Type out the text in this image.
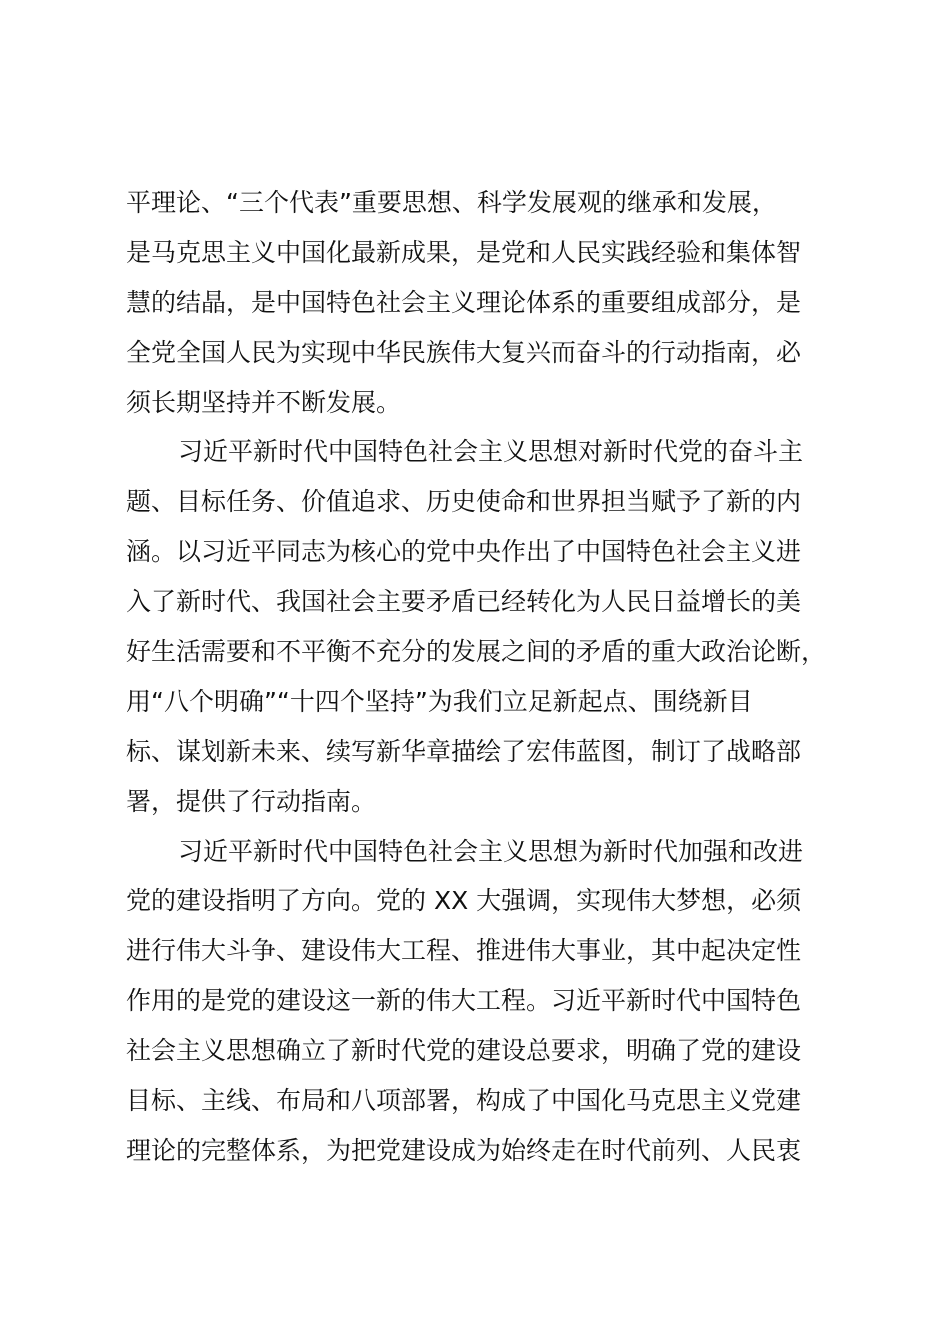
平理论、“三个代表”重要思想、科学发展观的继承和发展，
是马克思主义中国化最新成果，是党和人民实践经验和集体智
慧的结晶，是中国特色社会主义理论体系的重要组成部分，是
全党全国人民为实现中华民族伟大复兴而奋斗的行动指南，必
须长期坚持并不断发展。
习近平新时代中国特色社会主义思想对新时代党的奋斗主
题、目标任务、价值追求、历史使命和世界担当赋予了新的内
涵。以习近平同志为核心的党中央作出了中国特色社会主义进
入了新时代、我国社会主要矛盾已经转化为人民日益增长的美
好生活需要和不平衡不充分的发展之间的矛盾的重大政治论断，
用“八个明确”“十四个坚持”为我们立足新起点、围绕新目
标、谋划新未来、续写新华章描绘了宏伟蓝图，制订了战略部
署，提供了行动指南。
习近平新时代中国特色社会主义思想为新时代加强和改进
党的建设指明了方向。党的 XX 大强调，实现伟大梦想，必须
进行伟大斗争、建设伟大工程、推进伟大事业，其中起决定性
作用的是党的建设这一新的伟大工程。习近平新时代中国特色
社会主义思想确立了新时代党的建设总要求，明确了党的建设
目标、主线、布局和八项部署，构成了中国化马克思主义党建
理论的完整体系，为把党建设成为始终走在时代前列、人民衷
